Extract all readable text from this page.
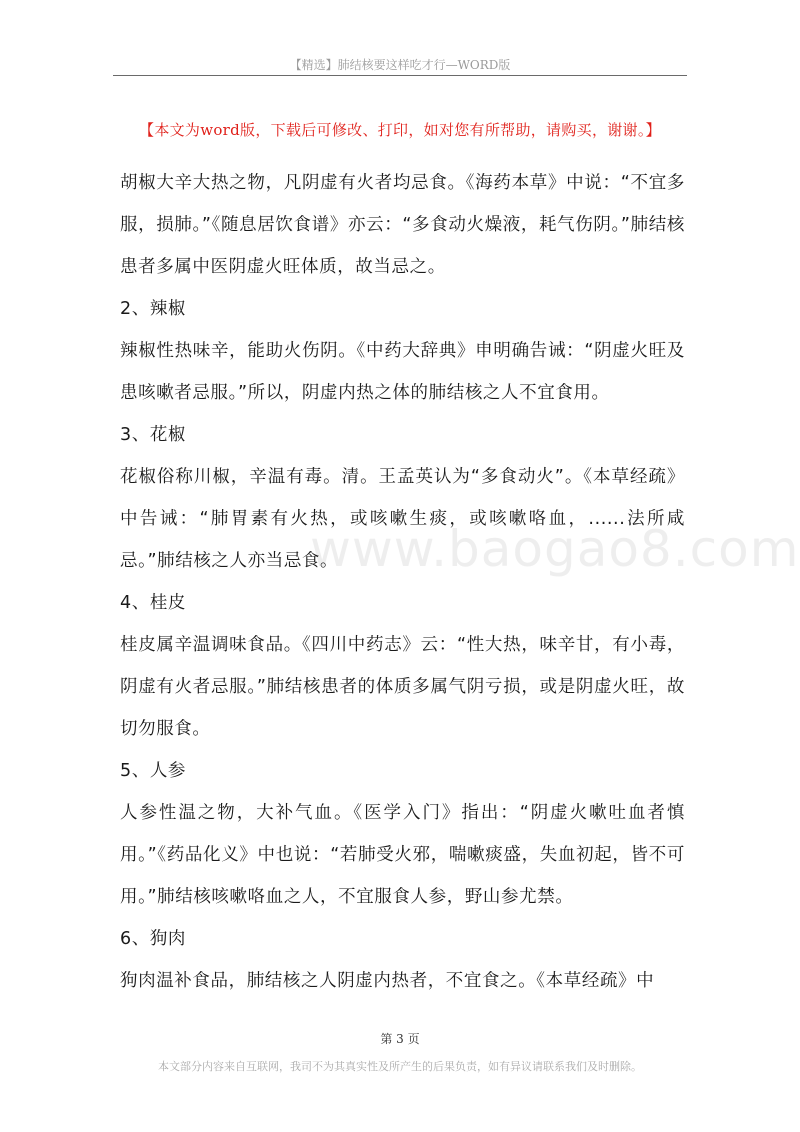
【精选】肺结核要这样吃才行—WORD版
【本文为word版，下载后可修改、打印，如对您有所帮助，请购买，谢谢。】
www.baogao8.com

胡椒大辛大热之物，凡阴虚有火者均忌食。《海药本草》中说：“不宜多服，损肺。”《随息居饮食谱》亦云：“多食动火燥液，耗气伤阴。”肺结核患者多属中医阴虚火旺体质，故当忌之。

2、辣椒

辣椒性热味辛，能助火伤阴。《中药大辞典》申明确告诫：“阴虚火旺及患咳嗽者忌服。”所以，阴虚内热之体的肺结核之人不宜食用。

3、花椒

花椒俗称川椒，辛温有毒。清。王孟英认为“多食动火”。《本草经疏》中告诫：“肺胃素有火热，或咳嗽生痰，或咳嗽咯血，......法所咸忌。”肺结核之人亦当忌食。

4、桂皮

桂皮属辛温调味食品。《四川中药志》云：“性大热，味辛甘，有小毒，阴虚有火者忌服。”肺结核患者的体质多属气阴亏损，或是阴虚火旺，故切勿服食。

5、人参

人参性温之物，大补气血。《医学入门》指出：“阴虚火嗽吐血者慎用。”《药品化义》中也说：“若肺受火邪，喘嗽痰盛，失血初起，皆不可用。”肺结核咳嗽咯血之人，不宜服食人参，野山参尤禁。

6、狗肉

狗肉温补食品，肺结核之人阴虚内热者，不宜食之。《本草经疏》中

第 3 页
本文部分内容来自互联网，我司不为其真实性及所产生的后果负责，如有异议请联系我们及时删除。
